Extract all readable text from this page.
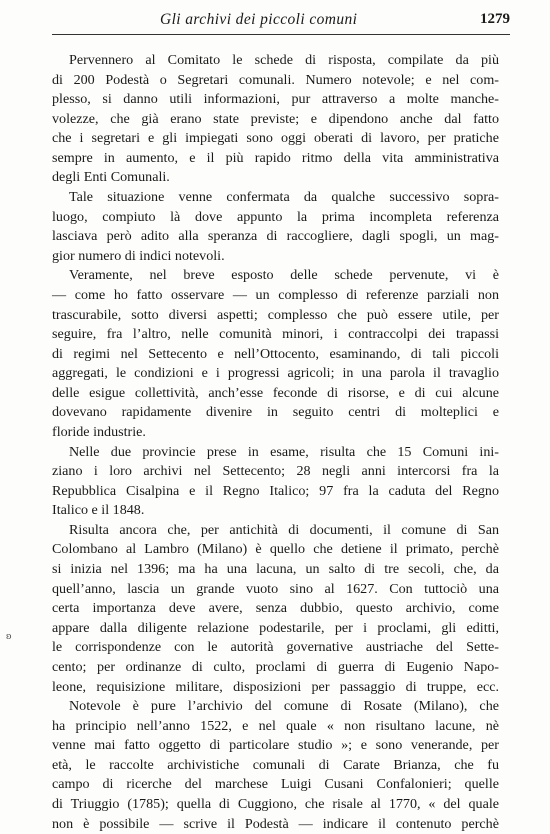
Gli archivi dei piccoli comuni	1279
Pervennero al Comitato le schede di risposta, compilate da più
di 200 Podestà o Segretari comunali. Numero notevole; e nel com-
plesso, si danno utili informazioni, pur attraverso a molte manche-
volezze, che già erano state previste; e dipendono anche dal fatto
che i segretari e gli impiegati sono oggi oberati di lavoro, per pratiche
sempre in aumento, e il più rapido ritmo della vita amministrativa
degli Enti Comunali.
Tale situazione venne confermata da qualche successivo sopra-
luogo, compiuto là dove appunto la prima incompleta referenza
lasciava però adito alla speranza di raccogliere, dagli spogli, un mag-
gior numero di indici notevoli.
Veramente, nel breve esposto delle schede pervenute, vi è
— come ho fatto osservare — un complesso di referenze parziali non
trascurabile, sotto diversi aspetti; complesso che può essere utile, per
seguire, fra l’altro, nelle comunità minori, i contraccolpi dei trapassi
di regimi nel Settecento e nell’Ottocento, esaminando, di tali piccoli
aggregati, le condizioni e i progressi agricoli; in una parola il travaglio
delle esigue collettività, anch’esse feconde di risorse, e di cui alcune
dovevano rapidamente divenire in seguito centri di molteplici e
floride industrie.
Nelle due provincie prese in esame, risulta che 15 Comuni ini-
ziano i loro archivi nel Settecento; 28 negli anni intercorsi fra la
Repubblica Cisalpina e il Regno Italico; 97 fra la caduta del Regno
Italico e il 1848.
Risulta ancora che, per antichità di documenti, il comune di San
Colombano al Lambro (Milano) è quello che detiene il primato, perchè
si inizia nel 1396; ma ha una lacuna, un salto di tre secoli, che, da
quell’anno, lascia un grande vuoto sino al 1627. Con tuttociò una
certa importanza deve avere, senza dubbio, questo archivio, come
appare dalla diligente relazione podestarile, per i proclami, gli editti,
le corrispondenze con le autorità governative austriache del Sette-
cento; per ordinanze di culto, proclami di guerra di Eugenio Napo-
leone, requisizione militare, disposizioni per passaggio di truppe, ecc.
Notevole è pure l’archivio del comune di Rosate (Milano), che
ha principio nell’anno 1522, e nel quale « non risultano lacune, nè
venne mai fatto oggetto di particolare studio »; e sono venerande, per
età, le raccolte archivistiche comunali di Carate Brianza, che fu
campo di ricerche del marchese Luigi Cusani Confalonieri; quelle
di Triuggio (1785); quella di Cuggiono, che risale al 1770, « del quale
non è possibile — scrive il Podestà — indicare il contenuto perchè
ʚ
